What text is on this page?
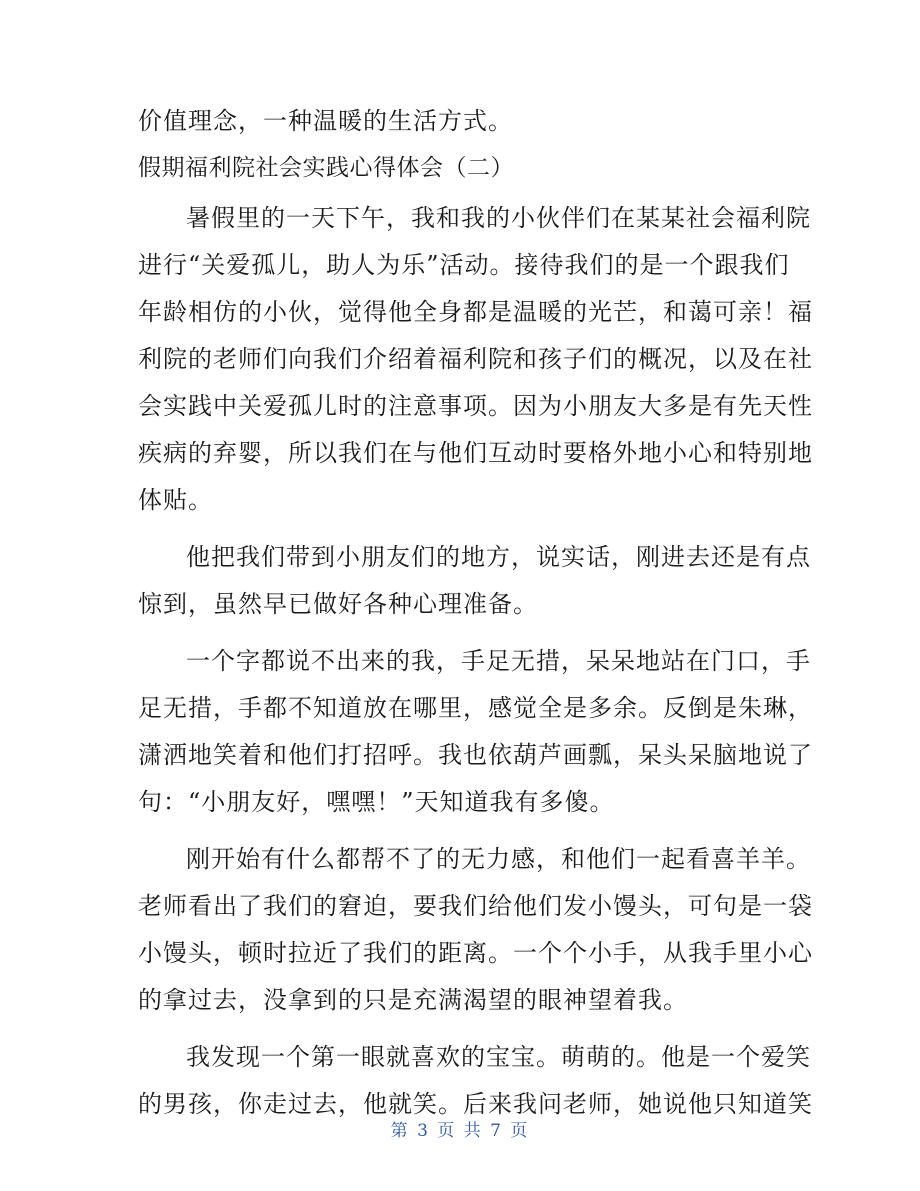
价值理念，一种温暖的生活方式。
假期福利院社会实践心得体会（二）
暑假里的一天下午，我和我的小伙伴们在某某社会福利院
进行“关爱孤儿，助人为乐”活动。接待我们的是一个跟我们
年龄相仿的小伙，觉得他全身都是温暖的光芒，和蔼可亲！福
利院的老师们向我们介绍着福利院和孩子们的概况，以及在社
会实践中关爱孤儿时的注意事项。因为小朋友大多是有先天性
疾病的弃婴，所以我们在与他们互动时要格外地小心和特别地
体贴。
他把我们带到小朋友们的地方，说实话，刚进去还是有点
惊到，虽然早已做好各种心理准备。
一个字都说不出来的我，手足无措，呆呆地站在门口，手
足无措，手都不知道放在哪里，感觉全是多余。反倒是朱琳，
潇洒地笑着和他们打招呼。我也依葫芦画瓢，呆头呆脑地说了
句：“小朋友好，嘿嘿！”天知道我有多傻。
刚开始有什么都帮不了的无力感，和他们一起看喜羊羊。
老师看出了我们的窘迫，要我们给他们发小馒头，可句是一袋
小馒头，顿时拉近了我们的距离。一个个小手，从我手里小心
的拿过去，没拿到的只是充满渴望的眼神望着我。
我发现一个第一眼就喜欢的宝宝。萌萌的。他是一个爱笑
的男孩，你走过去，他就笑。后来我问老师，她说他只知道笑
第 3 页 共 7 页
